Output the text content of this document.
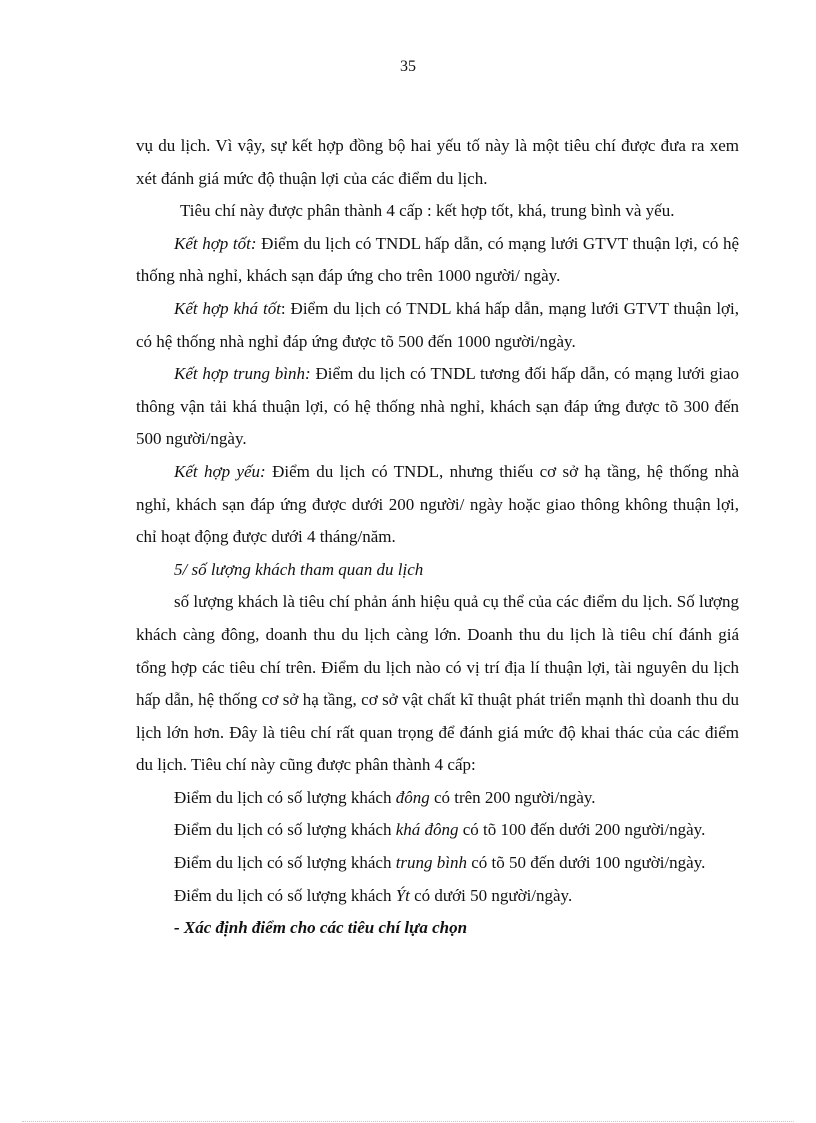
35

vụ du lịch. Vì vậy, sự kết hợp đồng bộ hai yếu tố này là một tiêu chí được đưa ra xem xét đánh giá mức độ thuận lợi của các điểm du lịch.

Tiêu chí này được phân thành 4 cấp : kết hợp tốt, khá, trung bình và yếu.

Kết hợp tốt: Điểm du lịch có TNDL hấp dẫn, có mạng lưới GTVT thuận lợi, có hệ thống nhà nghỉ, khách sạn đáp ứng cho trên 1000 người/ ngày.

Kết hợp khá tốt: Điểm du lịch có TNDL khá hấp dẫn, mạng lưới GTVT thuận lợi, có hệ thống nhà nghỉ đáp ứng được tõ 500 đến 1000 người/ngày.

Kết hợp trung bình: Điểm du lịch có TNDL tương đối hấp dẫn, có mạng lưới giao thông vận tải khá thuận lợi, có hệ thống nhà nghỉ, khách sạn đáp ứng được tõ 300 đến 500 người/ngày.

Kết hợp yếu: Điểm du lịch có TNDL, nhưng thiếu cơ sở hạ tầng, hệ thống nhà nghỉ, khách sạn đáp ứng được dưới 200 người/ ngày hoặc giao thông không thuận lợi, chỉ hoạt động được dưới 4 tháng/năm.

5/ số lượng khách tham quan du lịch

số lượng khách là tiêu chí phản ánh hiệu quả cụ thể của các điểm du lịch. Số lượng khách càng đông, doanh thu du lịch càng lớn. Doanh thu du lịch là tiêu chí đánh giá tổng hợp các tiêu chí trên. Điểm du lịch nào có vị trí địa lí thuận lợi, tài nguyên du lịch hấp dẫn, hệ thống cơ sở hạ tầng, cơ sở vật chất kĩ thuật phát triển mạnh thì doanh thu du lịch lớn hơn. Đây là tiêu chí rất quan trọng để đánh giá mức độ khai thác của các điểm du lịch. Tiêu chí này cũng được phân thành 4 cấp:

Điểm du lịch có số lượng khách đông có trên 200 người/ngày.

Điểm du lịch có số lượng khách khá đông có tõ 100 đến dưới 200 người/ngày.

Điểm du lịch có số lượng khách trung bình có tõ 50 đến dưới 100 người/ngày.

Điểm du lịch có số lượng khách Ýt có dưới 50 người/ngày.

- Xác định điểm cho các tiêu chí lựa chọn
